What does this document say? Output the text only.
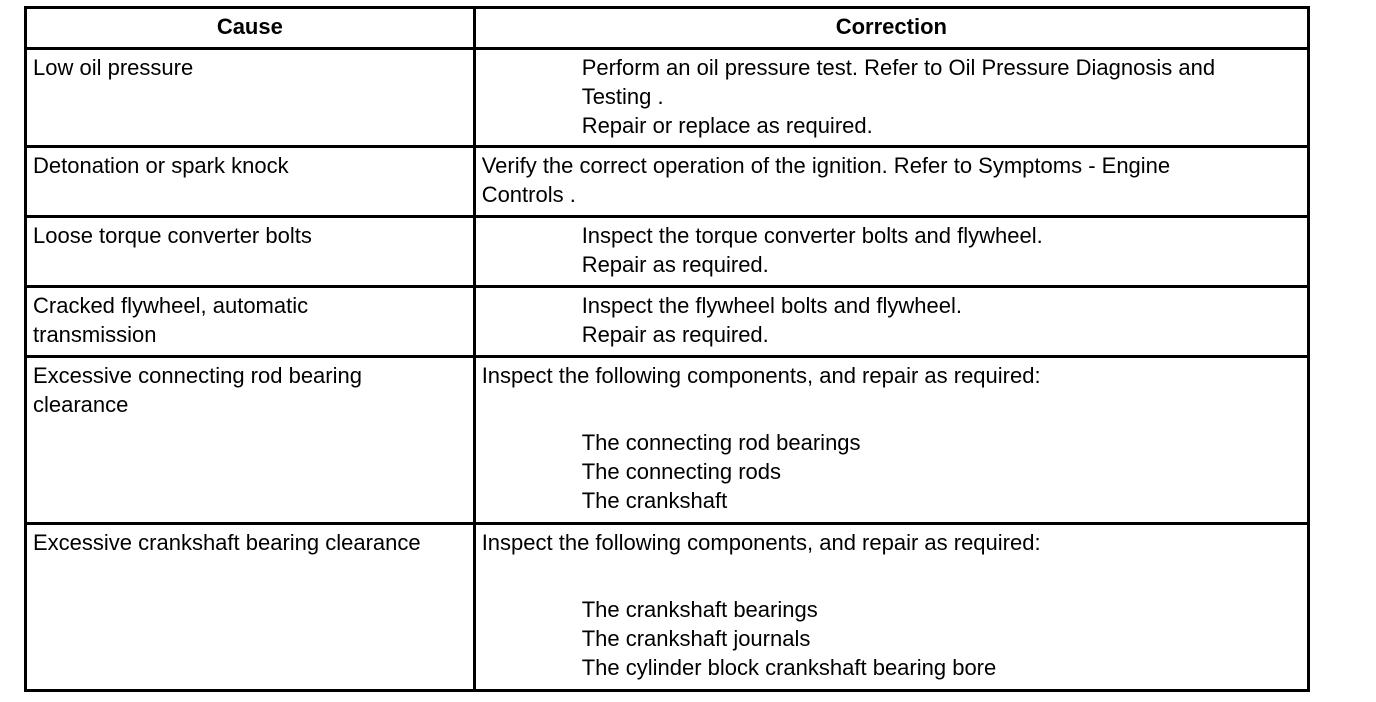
Cause	Correction

Low oil pressure	Perform an oil pressure test. Refer to Oil Pressure Diagnosis and
Testing .
Repair or replace as required.

Detonation or spark knock	Verify the correct operation of the ignition. Refer to Symptoms - Engine
Controls .

Loose torque converter bolts	Inspect the torque converter bolts and flywheel.
Repair as required.

Cracked flywheel, automatic
transmission	Inspect the flywheel bolts and flywheel.
Repair as required.

Excessive connecting rod bearing
clearance	Inspect the following components, and repair as required:
The connecting rod bearings
The connecting rods
The crankshaft

Excessive crankshaft bearing clearance	Inspect the following components, and repair as required:
The crankshaft bearings
The crankshaft journals
The cylinder block crankshaft bearing bore
